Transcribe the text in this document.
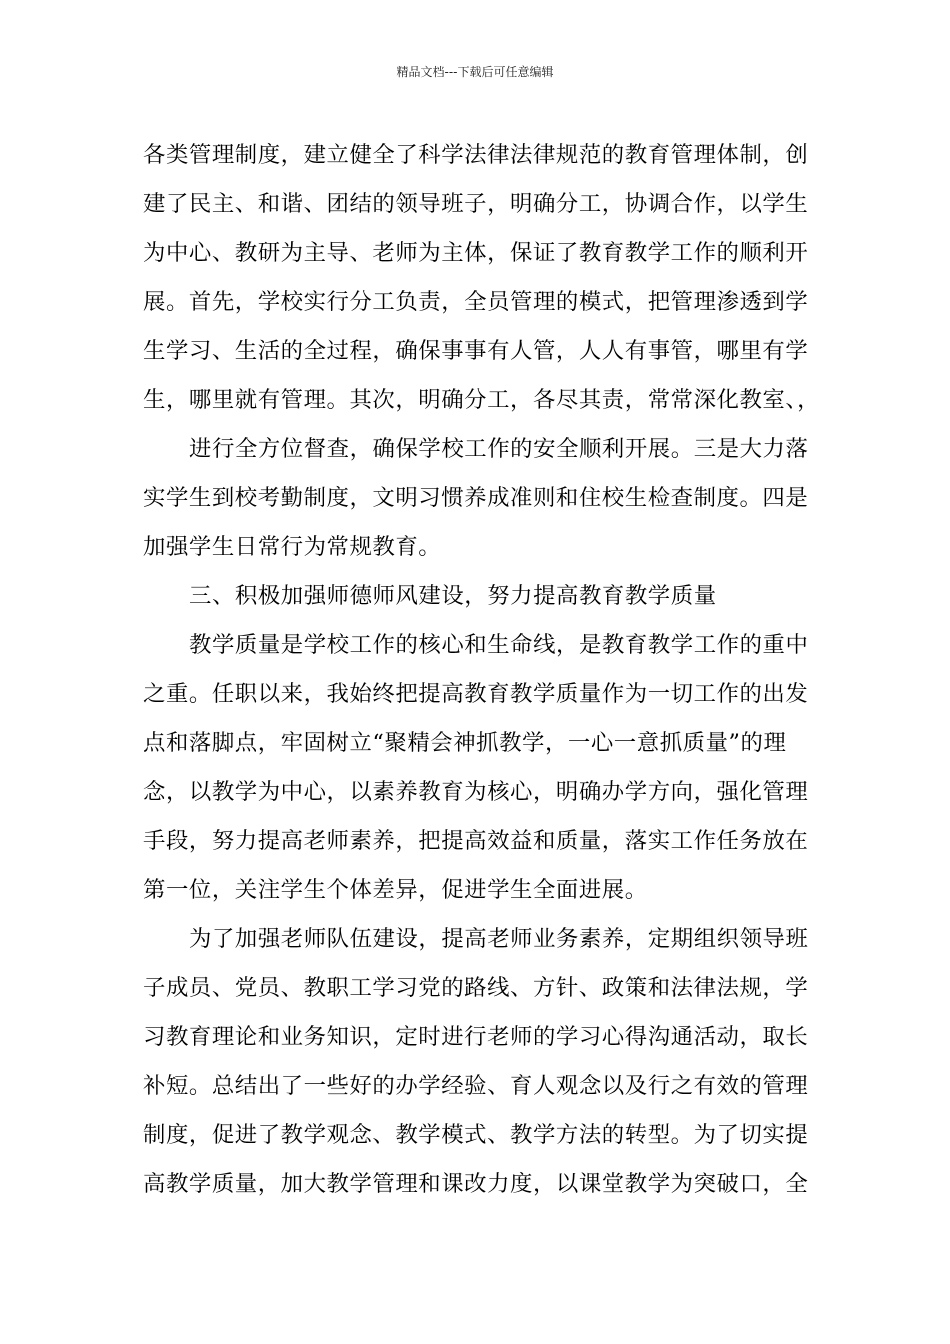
精品文档---下载后可任意编辑
各类管理制度，建立健全了科学法律法律规范的教育管理体制，创
建了民主、和谐、团结的领导班子，明确分工，协调合作，以学生
为中心、教研为主导、老师为主体，保证了教育教学工作的顺利开
展。首先，学校实行分工负责，全员管理的模式，把管理渗透到学
生学习、生活的全过程，确保事事有人管，人人有事管，哪里有学
生，哪里就有管理。其次，明确分工，各尽其责，常常深化教室、，
进行全方位督查，确保学校工作的安全顺利开展。三是大力落
实学生到校考勤制度，文明习惯养成准则和住校生检查制度。四是
加强学生日常行为常规教育。
三、积极加强师德师风建设，努力提高教育教学质量
教学质量是学校工作的核心和生命线，是教育教学工作的重中
之重。任职以来，我始终把提高教育教学质量作为一切工作的出发
点和落脚点，牢固树立“聚精会神抓教学，一心一意抓质量”的理
念，以教学为中心，以素养教育为核心，明确办学方向，强化管理
手段，努力提高老师素养，把提高效益和质量，落实工作任务放在
第一位，关注学生个体差异，促进学生全面进展。
为了加强老师队伍建设，提高老师业务素养，定期组织领导班
子成员、党员、教职工学习党的路线、方针、政策和法律法规，学
习教育理论和业务知识，定时进行老师的学习心得沟通活动，取长
补短。总结出了一些好的办学经验、育人观念以及行之有效的管理
制度，促进了教学观念、教学模式、教学方法的转型。为了切实提
高教学质量，加大教学管理和课改力度，以课堂教学为突破口，全
